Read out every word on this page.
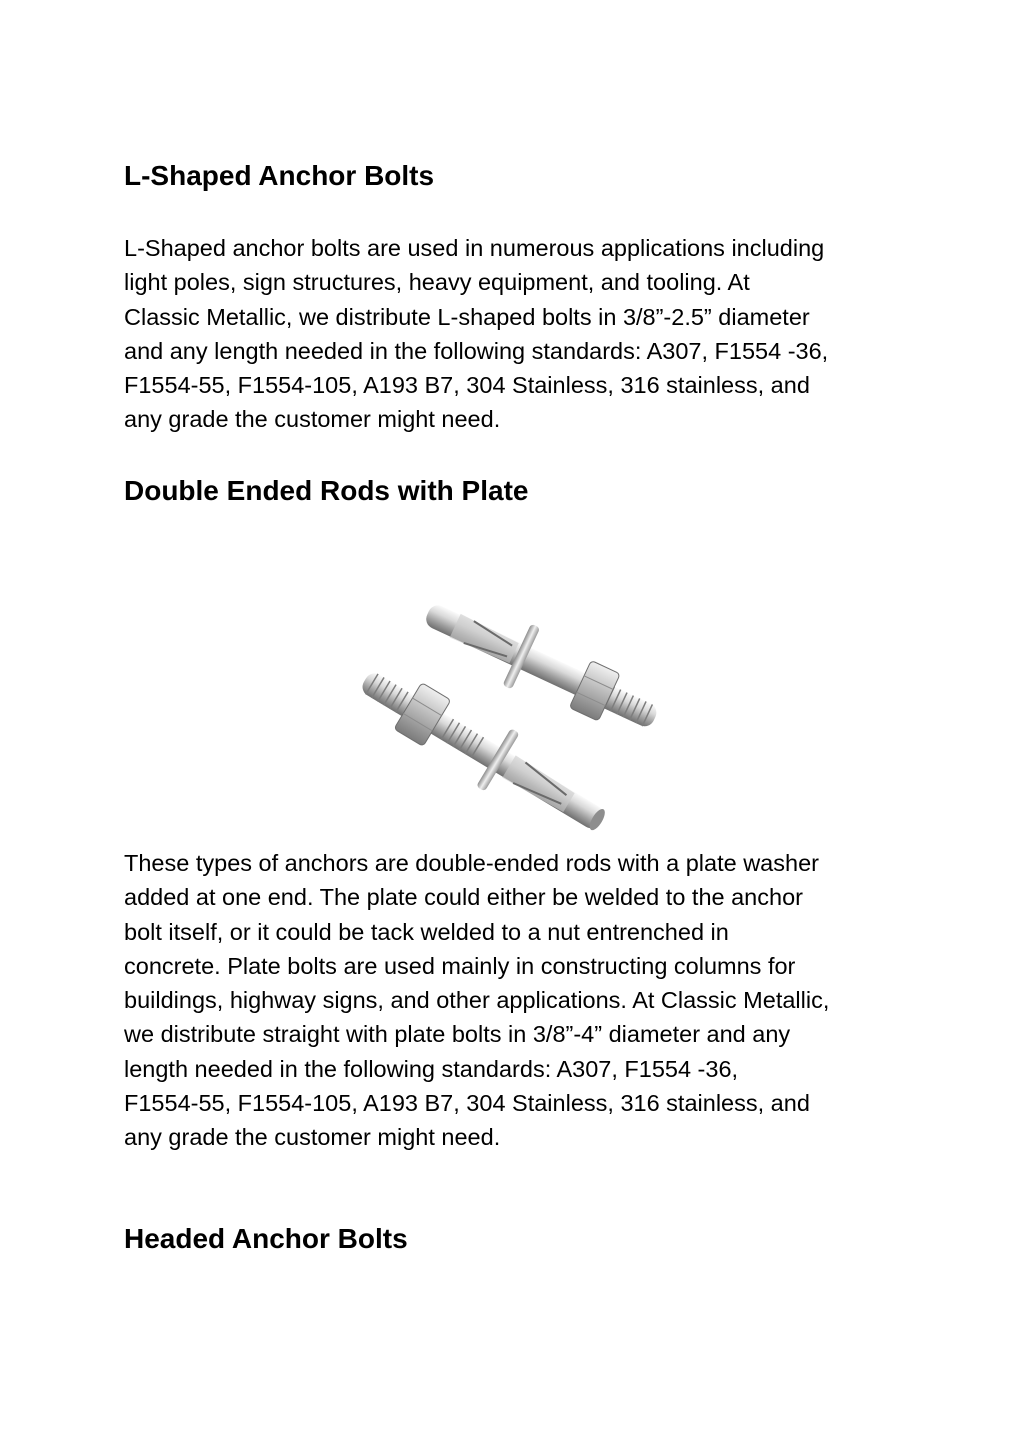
L-Shaped Anchor Bolts

L-Shaped anchor bolts are used in numerous applications including
light poles, sign structures, heavy equipment, and tooling. At
Classic Metallic, we distribute L-shaped bolts in 3/8”-2.5” diameter
and any length needed in the following standards: A307, F1554 -36,
F1554-55, F1554-105, A193 B7, 304 Stainless, 316 stainless, and
any grade the customer might need.

Double Ended Rods with Plate

These types of anchors are double-ended rods with a plate washer
added at one end. The plate could either be welded to the anchor
bolt itself, or it could be tack welded to a nut entrenched in
concrete. Plate bolts are used mainly in constructing columns for
buildings, highway signs, and other applications. At Classic Metallic,
we distribute straight with plate bolts in 3/8”-4” diameter and any
length needed in the following standards: A307, F1554 -36,
F1554-55, F1554-105, A193 B7, 304 Stainless, 316 stainless, and
any grade the customer might need.

Headed Anchor Bolts
